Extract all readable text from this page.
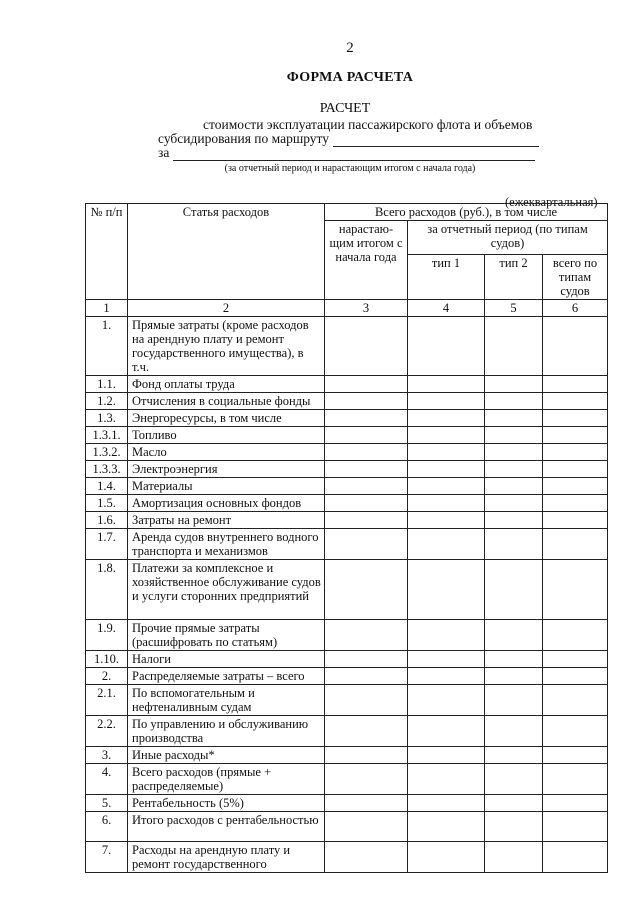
2
ФОРМА РАСЧЕТА
РАСЧЕТ
стоимости эксплуатации пассажирского флота и объемов
субсидирования по маршруту
за
(за отчетный период и нарастающим итогом с начала года)
(ежеквартальная)
№ п/п	Статья расходов	Всего расходов (руб.), в том числе			
		нарастаю-щим итогом с начала года	за отчетный период (по типам судов)		
			тип 1	тип 2	всего по типам судов
1	2	3	4	5	6
1.	Прямые затраты (кроме расходов на арендную плату и ремонт государственного имущества), в т.ч.				
1.1.	Фонд оплаты труда				
1.2.	Отчисления в социальные фонды				
1.3.	Энергоресурсы, в том числе				
1.3.1.	Топливо				
1.3.2.	Масло				
1.3.3.	Электроэнергия				
1.4.	Материалы				
1.5.	Амортизация основных фондов				
1.6.	Затраты на ремонт				
1.7.	Аренда судов внутреннего водного транспорта и механизмов				
1.8.	Платежи за комплексное и хозяйственное обслуживание судов и услуги сторонних предприятий				
1.9.	Прочие прямые затраты (расшифровать по статьям)				
1.10.	Налоги				
2.	Распределяемые затраты – всего				
2.1.	По вспомогательным и нефтеналивным судам				
2.2.	По управлению и обслуживанию производства				
3.	Иные расходы*				
4.	Всего расходов (прямые + распределяемые)				
5.	Рентабельность (5%)				
6.	Итого расходов с рентабельностью				
7.	Расходы на арендную плату и ремонт государственного				
